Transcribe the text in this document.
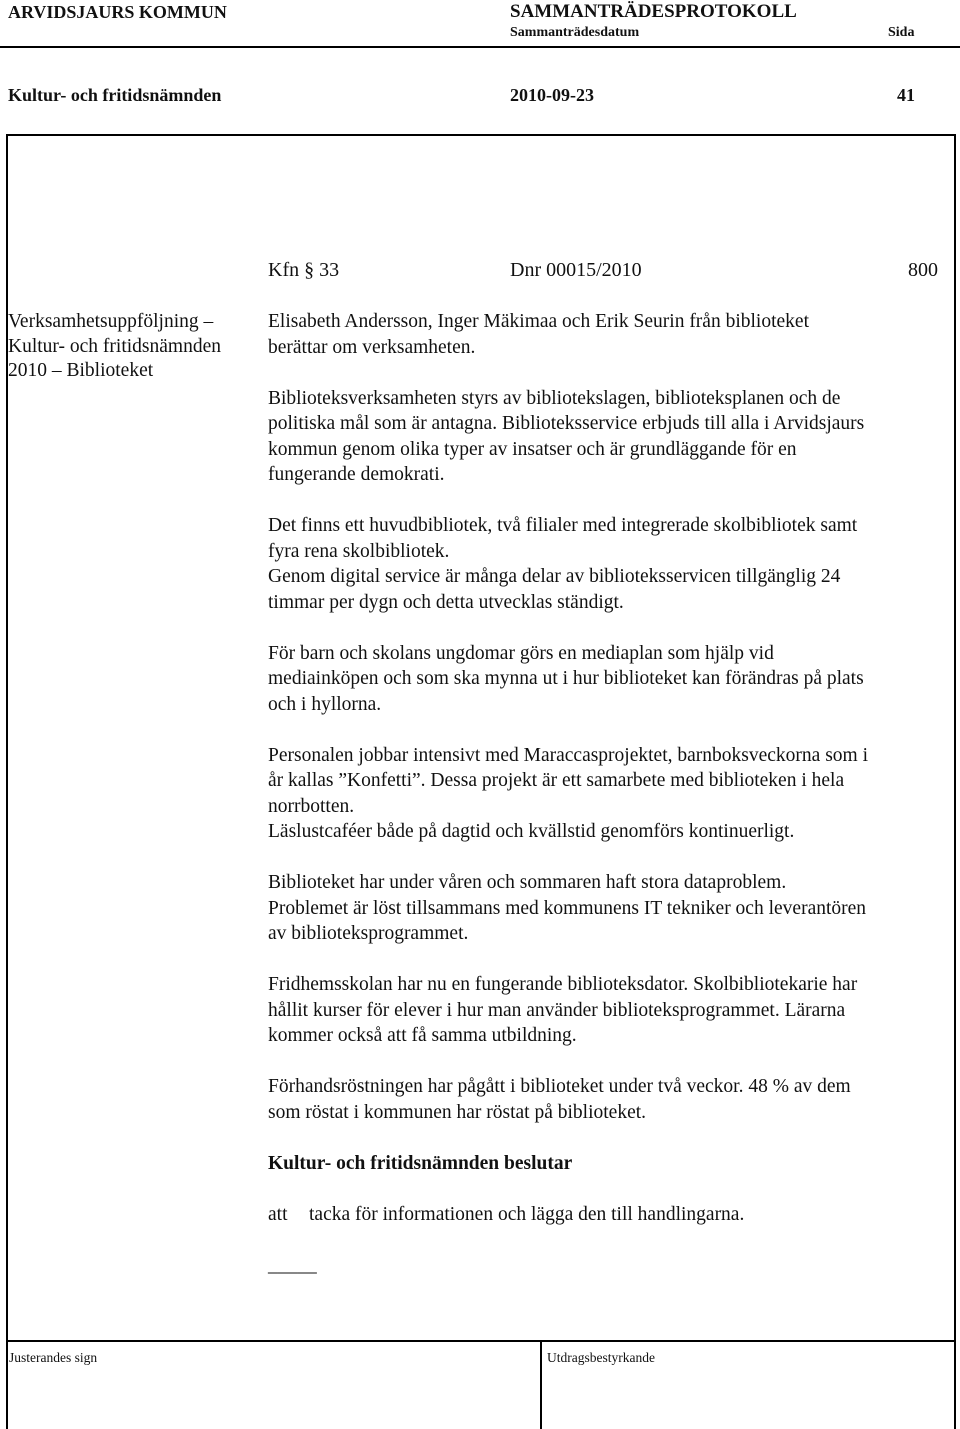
ARVIDSJAURS KOMMUN	SAMMANTRÄDESPROTOKOLL
Sammanträdesdatum	Sida
Kultur- och fritidsnämnden	2010-09-23	41
Kfn § 33	Dnr 00015/2010	800
Verksamhetsuppföljning –
Kultur- och fritidsnämnden
2010 – Biblioteket
Elisabeth Andersson, Inger Mäkimaa och Erik Seurin från biblioteket
berättar om verksamheten.
Biblioteksverksamheten styrs av bibliotekslagen, biblioteksplanen och de
politiska mål som är antagna. Biblioteksservice erbjuds till alla i Arvidsjaurs
kommun genom olika typer av insatser och är grundläggande för en
fungerande demokrati.
Det finns ett huvudbibliotek, två filialer med integrerade skolbibliotek samt
fyra rena skolbibliotek.
Genom digital service är många delar av biblioteksservicen tillgänglig 24
timmar per dygn och detta utvecklas ständigt.
För barn och skolans ungdomar görs en mediaplan som hjälp vid
mediainköpen och som ska mynna ut i hur biblioteket kan förändras på plats
och i hyllorna.
Personalen jobbar intensivt med Maraccasprojektet, barnboksveckorna som i
år kallas ”Konfetti”. Dessa projekt är ett samarbete med biblioteken i hela
norrbotten.
Läslustcaféer både på dagtid och kvällstid genomförs kontinuerligt.
Biblioteket har under våren och sommaren haft stora dataproblem.
Problemet är löst tillsammans med kommunens IT tekniker och leverantören
av biblioteksprogrammet.
Fridhemsskolan har nu en fungerande biblioteksdator. Skolbibliotekarie har
hållit kurser för elever i hur man använder biblioteksprogrammet. Lärarna
kommer också att få samma utbildning.
Förhandsröstningen har pågått i biblioteket under två veckor. 48 % av dem
som röstat i kommunen har röstat på biblioteket.
Kultur- och fritidsnämnden beslutar
att tacka för informationen och lägga den till handlingarna.
_____
Justerandes sign	Utdragsbestyrkande
